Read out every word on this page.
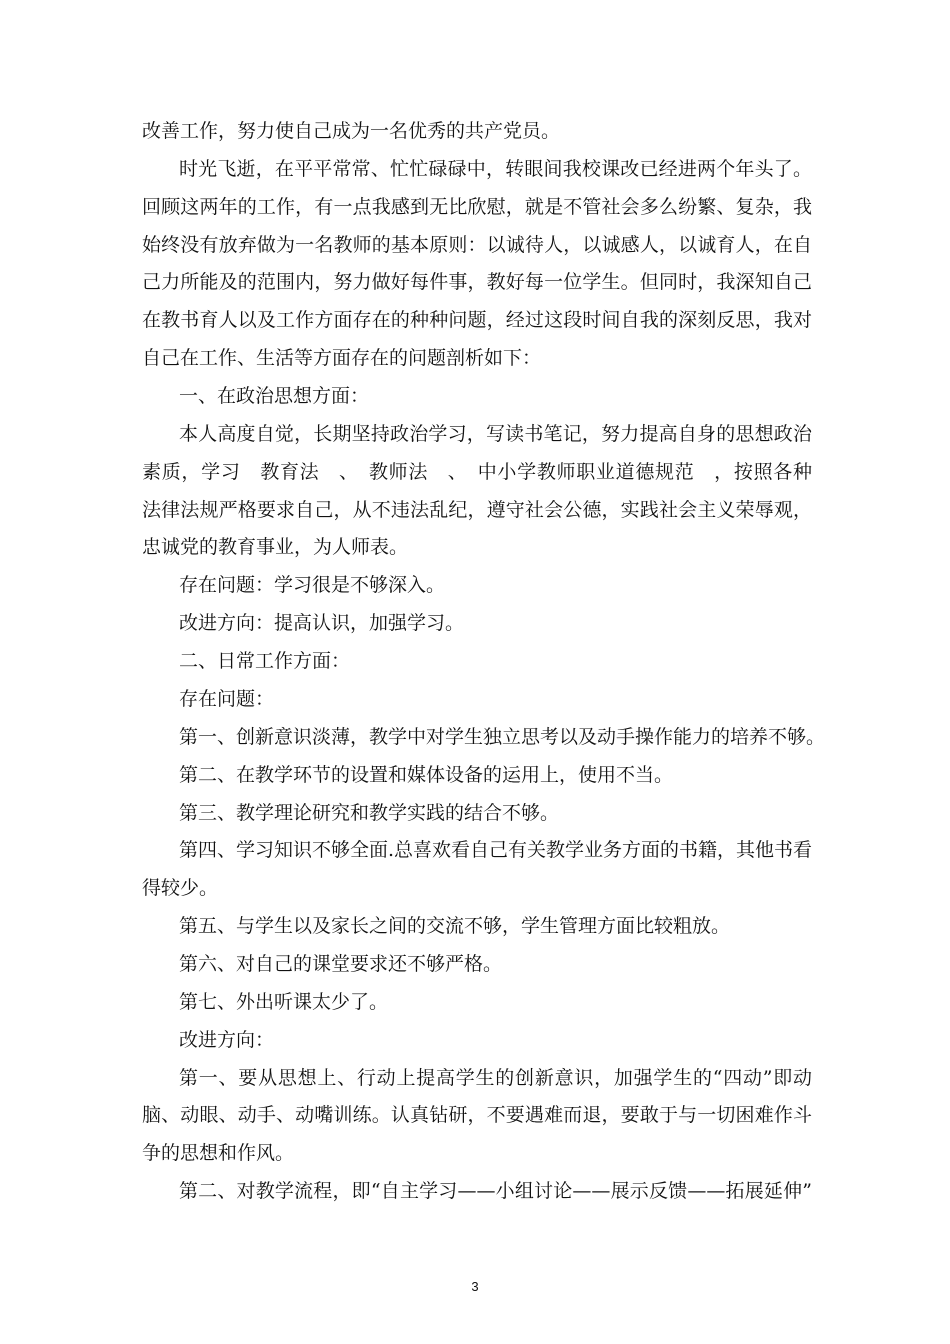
改善工作，努力使自己成为一名优秀的共产党员。
时光飞逝，在平平常常、忙忙碌碌中，转眼间我校课改已经进两个年头了。
回顾这两年的工作，有一点我感到无比欣慰，就是不管社会多么纷繁、复杂，我
始终没有放弃做为一名教师的基本原则：以诚待人，以诚感人，以诚育人，在自
己力所能及的范围内，努力做好每件事，教好每一位学生。但同时，我深知自己
在教书育人以及工作方面存在的种种问题，经过这段时间自我的深刻反思，我对
自己在工作、生活等方面存在的问题剖析如下：
一、在政治思想方面：
本人高度自觉，长期坚持政治学习，写读书笔记，努力提高自身的思想政治
素质，学习　教育法　、　教师法　、　中小学教师职业道德规范　，按照各种
法律法规严格要求自己，从不违法乱纪，遵守社会公德，实践社会主义荣辱观，
忠诚党的教育事业，为人师表。
存在问题：学习很是不够深入。
改进方向：提高认识，加强学习。
二、日常工作方面：
存在问题：
第一、创新意识淡薄，教学中对学生独立思考以及动手操作能力的培养不够。
第二、在教学环节的设置和媒体设备的运用上，使用不当。
第三、教学理论研究和教学实践的结合不够。
第四、学习知识不够全面.总喜欢看自己有关教学业务方面的书籍，其他书看
得较少。
第五、与学生以及家长之间的交流不够，学生管理方面比较粗放。
第六、对自己的课堂要求还不够严格。
第七、外出听课太少了。
改进方向：
第一、要从思想上、行动上提高学生的创新意识，加强学生的“四动”即动
脑、动眼、动手、动嘴训练。认真钻研，不要遇难而退，要敢于与一切困难作斗
争的思想和作风。
第二、对教学流程，即“自主学习——小组讨论——展示反馈——拓展延伸”
3
